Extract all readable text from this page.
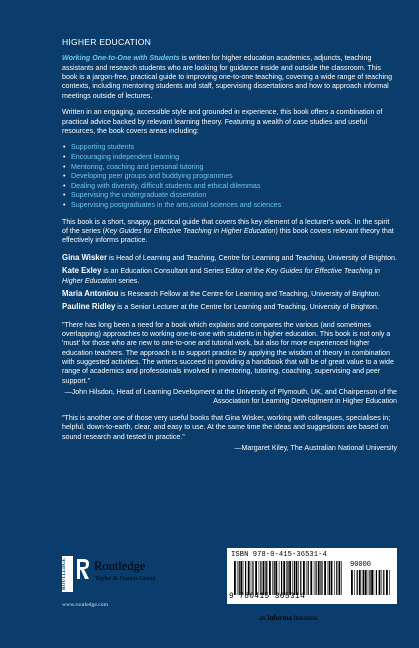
HIGHER EDUCATION

Working One-to-One with Students is written for higher education academics, adjuncts, teaching assistants and research students who are looking for guidance inside and outside the classroom. This book is a jargon-free, practical guide to improving one-to-one teaching, covering a wide range of teaching contexts, including mentoring students and staff, supervising dissertations and how to approach informal meetings outside of lectures.

Written in an engaging, accessible style and grounded in experience, this book offers a combination of practical advice backed by relevant learning theory. Featuring a wealth of case studies and useful resources, the book covers areas including:

• Supporting students
• Encouraging independent learning
• Mentoring, coaching and personal tutoring
• Developing peer groups and buddying programmes
• Dealing with diversity, difficult students and ethical dilemmas
• Supervising the undergraduate dissertation
• Supervising postgraduates in the arts,social sciences and sciences

This book is a short, snappy, practical guide that covers this key element of a lecturer's work. In the spirit of the series (Key Guides for Effective Teaching in Higher Education) this book covers relevant theory that effectively informs practice.

Gina Wisker is Head of Learning and Teaching, Centre for Learning and Teaching, University of Brighton.
Kate Exley is an Education Consultant and Series Editor of the Key Guides for Effective Teaching in Higher Education series.
Maria Antoniou is Research Fellow at the Centre for Learning and Teaching, University of Brighton.
Pauline Ridley is a Senior Lecturer at the Centre for Learning and Teaching, University of Brighton.

"There has long been a need for a book which explains and compares the various (and sometimes overlapping) approaches to working one-to-one with students in higher education. This book is not only a 'must' for those who are new to one-to-one and tutorial work, but also for more experienced higher education teachers. The approach is to support practice by applying the wisdom of theory in combination with suggested activities. The writers succeed in providing a handbook that will be of great value to a wide range of academics and professionals involved in mentoring, tutoring, coaching, supervising and peer support."

—John Hilsdon, Head of Learning Development at the University of Plymouth, UK, and Chairperson of the Association for Learning Development in Higher Education

"This is another one of those very useful books that Gina Wisker, working with colleagues, specialises in; helpful, down-to-earth, clear, and easy to use. At the same time the ideas and suggestions are based on sound research and tested in practice."

—Margaret Kiley, The Australian National University

ROUTLEDGE	Routledge
Taylor & Francis Group
www.routledge.com
ISBN 978-0-415-36531-4
90000
9 780415 365314
an informa business
